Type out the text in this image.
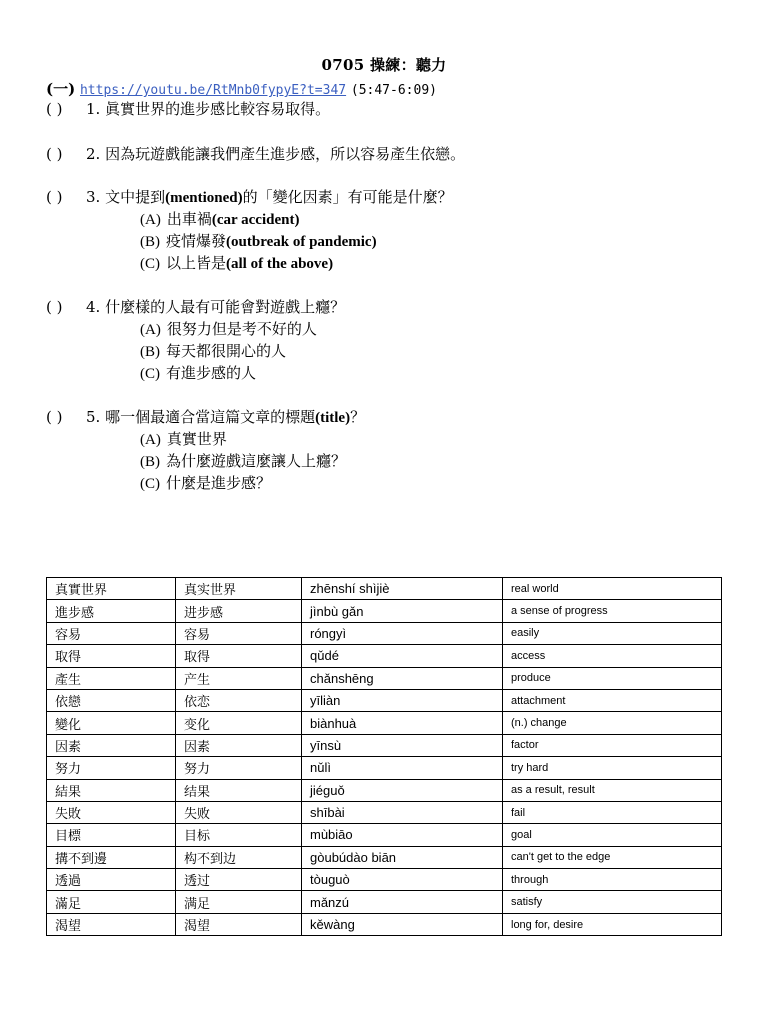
0705 操練：聽力
(一) https://youtu.be/RtMnb0fypyE?t=347 (5:47-6:09)
( ) 1. 眞實世界的進步感比較容易取得。
( ) 2. 因為玩遊戲能讓我們產生進步感，所以容易產生依戀。
( ) 3. 文中提到(mentioned)的「變化因素」有可能是什麼？
(A) 出車禍(car accident)
(B) 疫情爆發(outbreak of pandemic)
(C) 以上皆是(all of the above)
( ) 4. 什麼樣的人最有可能會對遊戲上癮？
(A) 很努力但是考不好的人
(B) 每天都很開心的人
(C) 有進步感的人
( ) 5. 哪一個最適合當這篇文章的標題(title)？
(A) 真實世界
(B) 為什麼遊戲這麼讓人上癮？
(C) 什麼是進步感？
真實世界	真实世界	zhēnshí shìjiè	real world
進步感	进步感	jìnbù gǎn	a sense of progress
容易	容易	róngyì	easily
取得	取得	qǔdé	access
產生	产生	chǎnshēng	produce
依戀	依恋	yīliàn	attachment
變化	变化	biànhuà	(n.) change
因素	因素	yīnsù	factor
努力	努力	nǔlì	try hard
結果	结果	jiéguǒ	as a result, result
失敗	失败	shībài	fail
目標	目标	mùbiāo	goal
搆不到邊	构不到边	gòubúdào biān	can't get to the edge
透過	透过	tòuguò	through
滿足	满足	mǎnzú	satisfy
渴望	渴望	kěwàng	long for, desire
